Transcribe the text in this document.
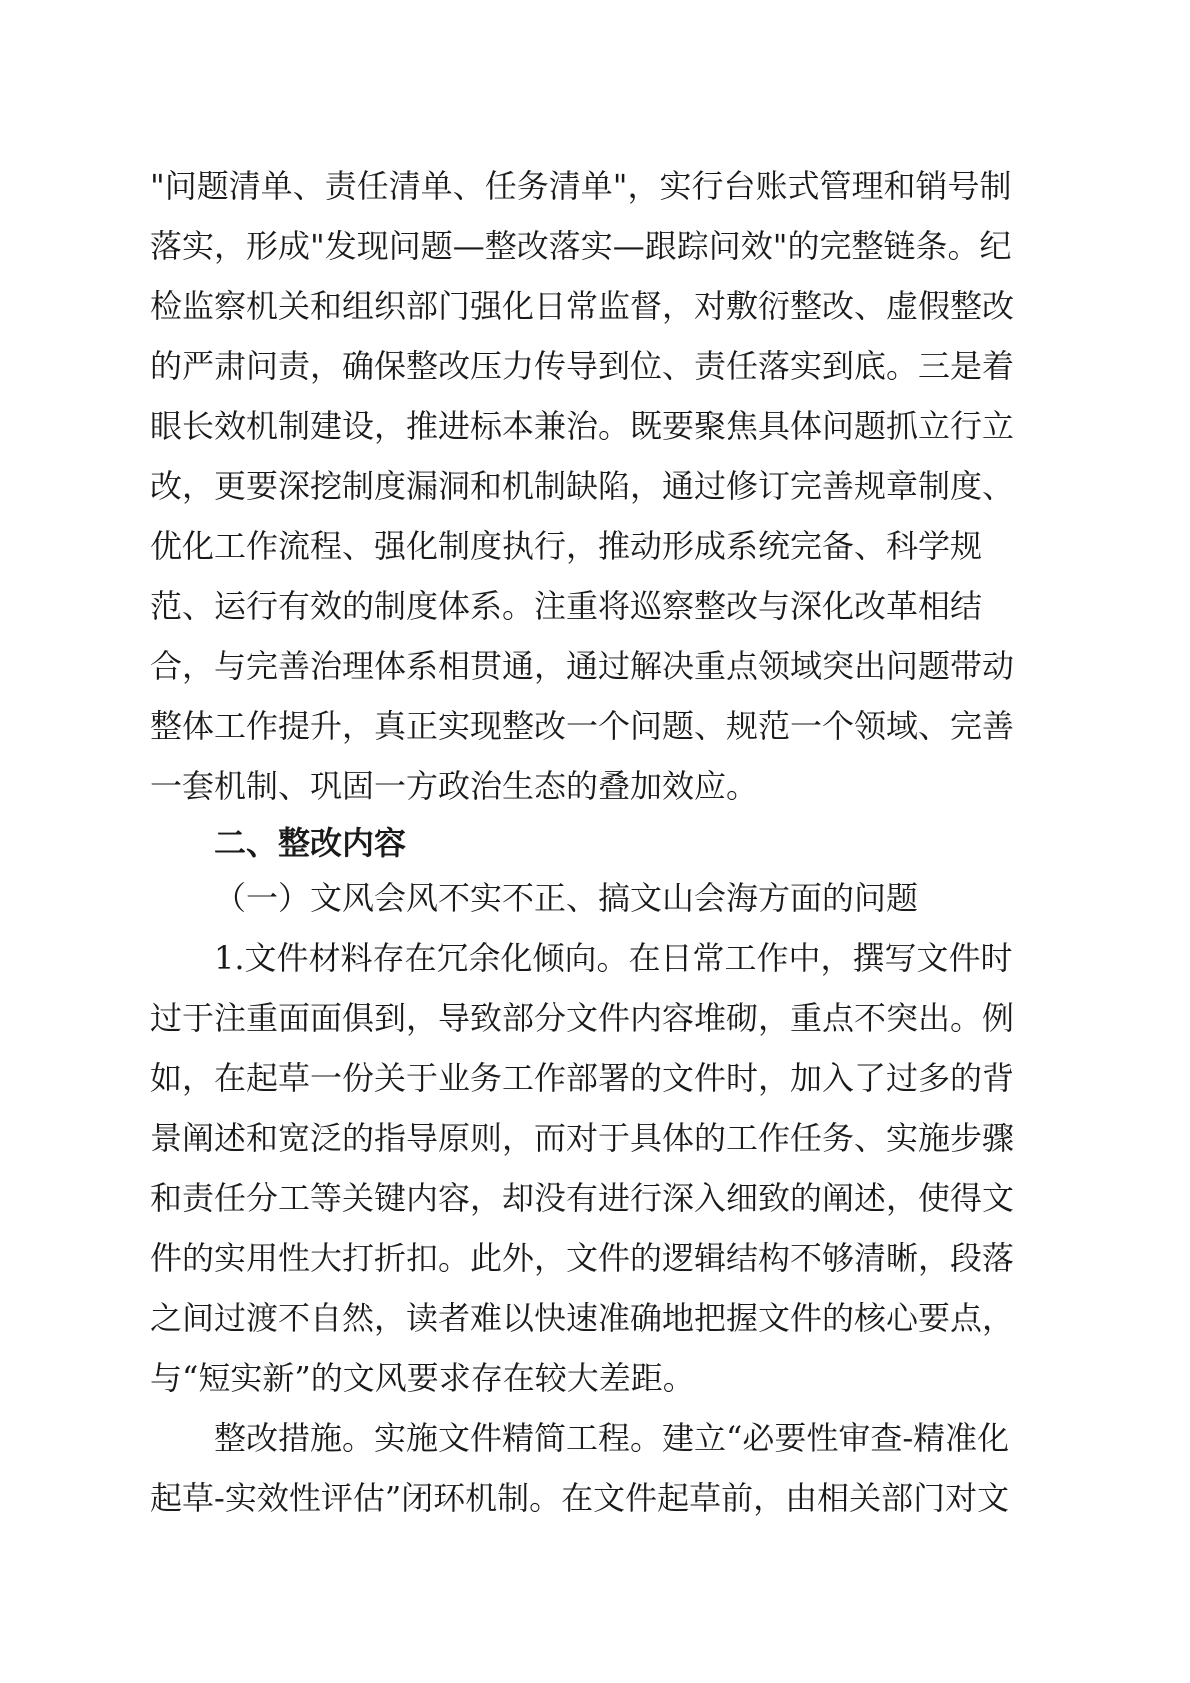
"问题清单、责任清单、任务清单"，实行台账式管理和销号制
落实，形成"发现问题—整改落实—跟踪问效"的完整链条。纪
检监察机关和组织部门强化日常监督，对敷衍整改、虚假整改
的严肃问责，确保整改压力传导到位、责任落实到底。三是着
眼长效机制建设，推进标本兼治。既要聚焦具体问题抓立行立
改，更要深挖制度漏洞和机制缺陷，通过修订完善规章制度、
优化工作流程、强化制度执行，推动形成系统完备、科学规
范、运行有效的制度体系。注重将巡察整改与深化改革相结
合，与完善治理体系相贯通，通过解决重点领域突出问题带动
整体工作提升，真正实现整改一个问题、规范一个领域、完善
一套机制、巩固一方政治生态的叠加效应。
二、整改内容
（一）文风会风不实不正、搞文山会海方面的问题
1.文件材料存在冗余化倾向。在日常工作中，撰写文件时
过于注重面面俱到，导致部分文件内容堆砌，重点不突出。例
如，在起草一份关于业务工作部署的文件时，加入了过多的背
景阐述和宽泛的指导原则，而对于具体的工作任务、实施步骤
和责任分工等关键内容，却没有进行深入细致的阐述，使得文
件的实用性大打折扣。此外，文件的逻辑结构不够清晰，段落
之间过渡不自然，读者难以快速准确地把握文件的核心要点，
与“短实新”的文风要求存在较大差距。
整改措施。实施文件精简工程。建立“必要性审查-精准化
起草-实效性评估”闭环机制。在文件起草前，由相关部门对文
